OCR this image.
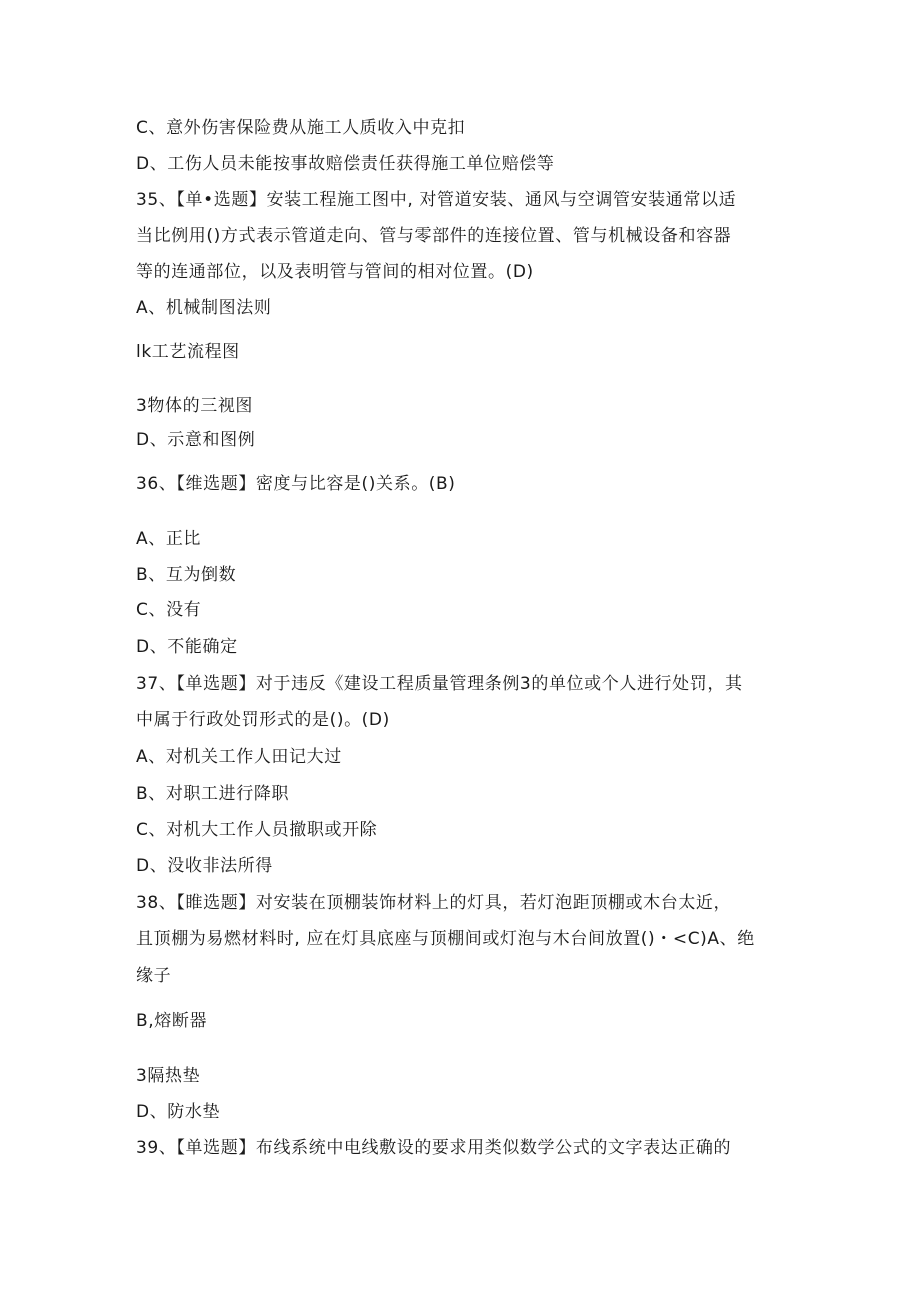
C、意外伤害保险费从施工人质收入中克扣
D、工伤人员未能按事故赔偿责任获得施工单位赔偿等
35、【单•选题】安装工程施工图中, 对管道安装、通风与空调管安装通常以适
当比例用()方式表示管道走向、管与零部件的连接位置、管与机械设备和容器
等的连通部位，以及表明管与管间的相对位置。(D)
A、机械制图法则
lk工艺流程图
3物体的三视图
D、示意和图例
36、【维选题】密度与比容是()关系。(B)
A、正比
B、互为倒数
C、没有
D、不能确定
37、【单选题】对于违反《建设工程质量管理条例3的单位或个人进行处罚，其
中属于行政处罚形式的是()。(D)
A、对机关工作人田记大过
B、对职工进行降职
C、对机大工作人员撤职或开除
D、没收非法所得
38、【睢选题】对安装在顶棚装饰材料上的灯具，若灯泡距顶棚或木台太近，
且顶棚为易燃材料时, 应在灯具底座与顶棚间或灯泡与木台间放置()・<C)A、绝
缘子
B,熔断器
3隔热垫
D、防水垫
39、【单选题】布线系统中电线敷设的要求用类似数学公式的文字表达正确的
